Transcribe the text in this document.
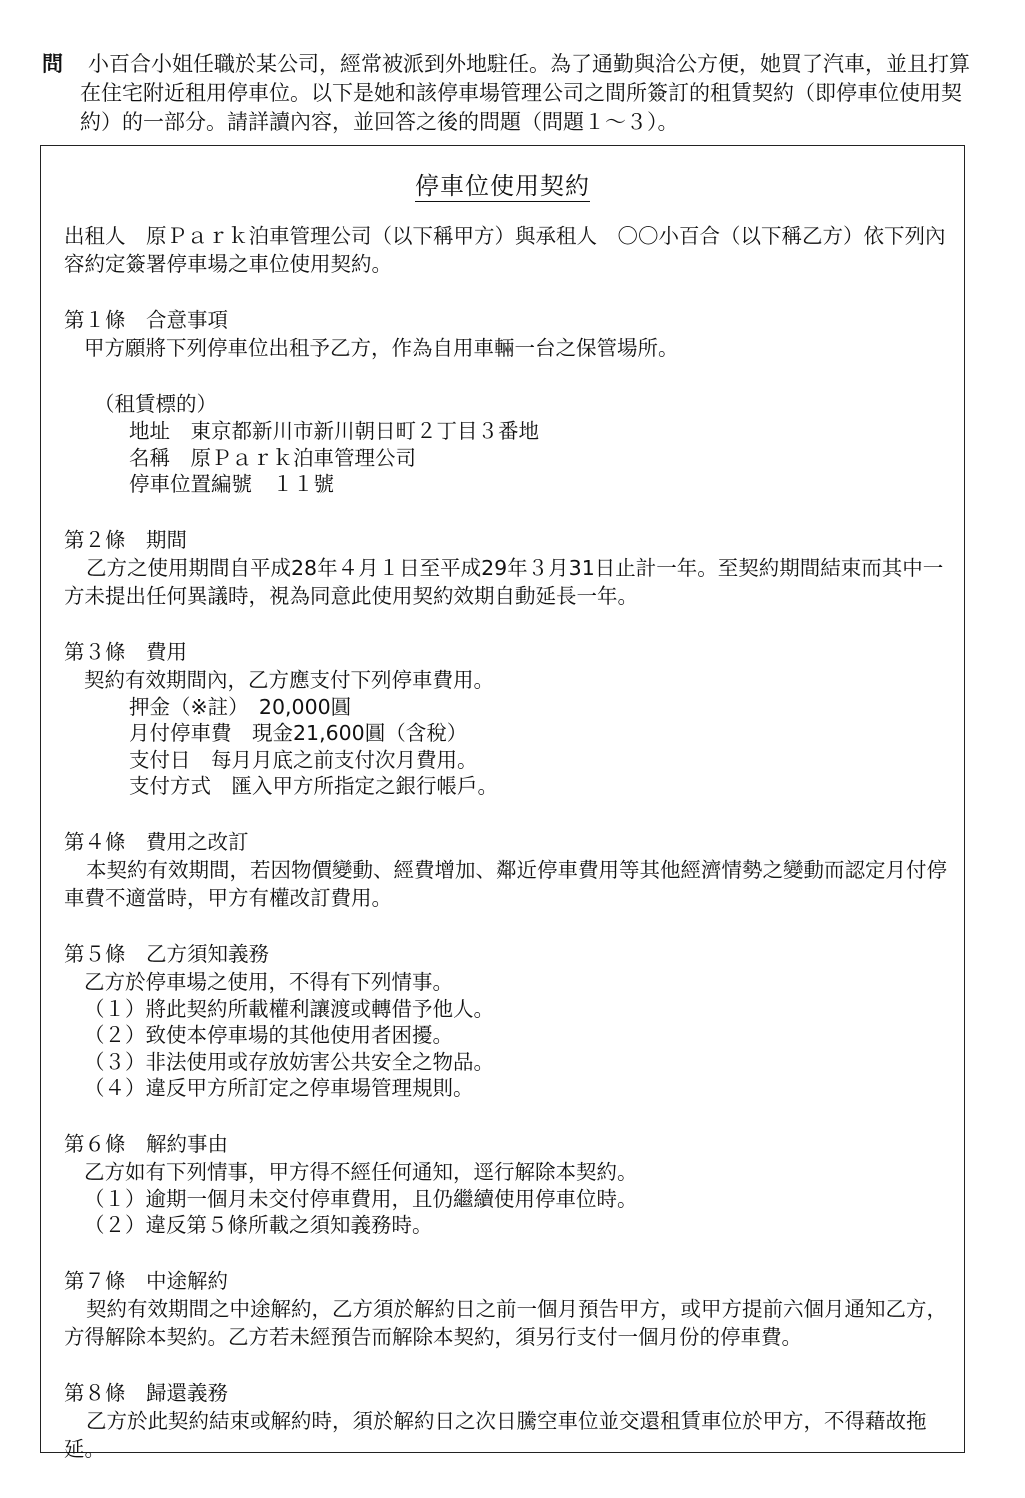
問	小百合小姐任職於某公司，經常被派到外地駐任。為了通勤與洽公方便，她買了汽車，並且打算在住宅附近租用停車位。以下是她和該停車場管理公司之間所簽訂的租賃契約（即停車位使用契約）的一部分。請詳讀內容，並回答之後的問題（問題１～３）。
停車位使用契約

出租人　原Ｐａｒｋ泊車管理公司（以下稱甲方）與承租人　〇〇小百合（以下稱乙方）依下列內容約定簽署停車場之車位使用契約。

第１條　合意事項

甲方願將下列停車位出租予乙方，作為自用車輛一台之保管場所。

（租賃標的）
地址　東京都新川市新川朝日町２丁目３番地
名稱　原Ｐａｒｋ泊車管理公司
停車位置編號　１１號
第２條　期間

乙方之使用期間自平成28年４月１日至平成29年３月31日止計一年。至契約期間結束而其中一方未提出任何異議時，視為同意此使用契約效期自動延長一年。

第３條　費用

契約有效期間內，乙方應支付下列停車費用。

押金（※註）　20,000圓
月付停車費　現金21,600圓（含稅）
支付日　每月月底之前支付次月費用。
支付方式　匯入甲方所指定之銀行帳戶。
第４條　費用之改訂

本契約有效期間，若因物價變動、經費增加、鄰近停車費用等其他經濟情勢之變動而認定月付停車費不適當時，甲方有權改訂費用。

第５條　乙方須知義務

乙方於停車場之使用，不得有下列情事。

（１）將此契約所載權利讓渡或轉借予他人。
（２）致使本停車場的其他使用者困擾。
（３）非法使用或存放妨害公共安全之物品。
（４）違反甲方所訂定之停車場管理規則。
第６條　解約事由

乙方如有下列情事，甲方得不經任何通知，逕行解除本契約。

（１）逾期一個月未交付停車費用，且仍繼續使用停車位時。
（２）違反第５條所載之須知義務時。
第７條　中途解約

契約有效期間之中途解約，乙方須於解約日之前一個月預告甲方，或甲方提前六個月通知乙方，方得解除本契約。乙方若未經預告而解除本契約，須另行支付一個月份的停車費。

第８條　歸還義務

乙方於此契約結束或解約時，須於解約日之次日騰空車位並交還租賃車位於甲方，不得藉故拖延。
